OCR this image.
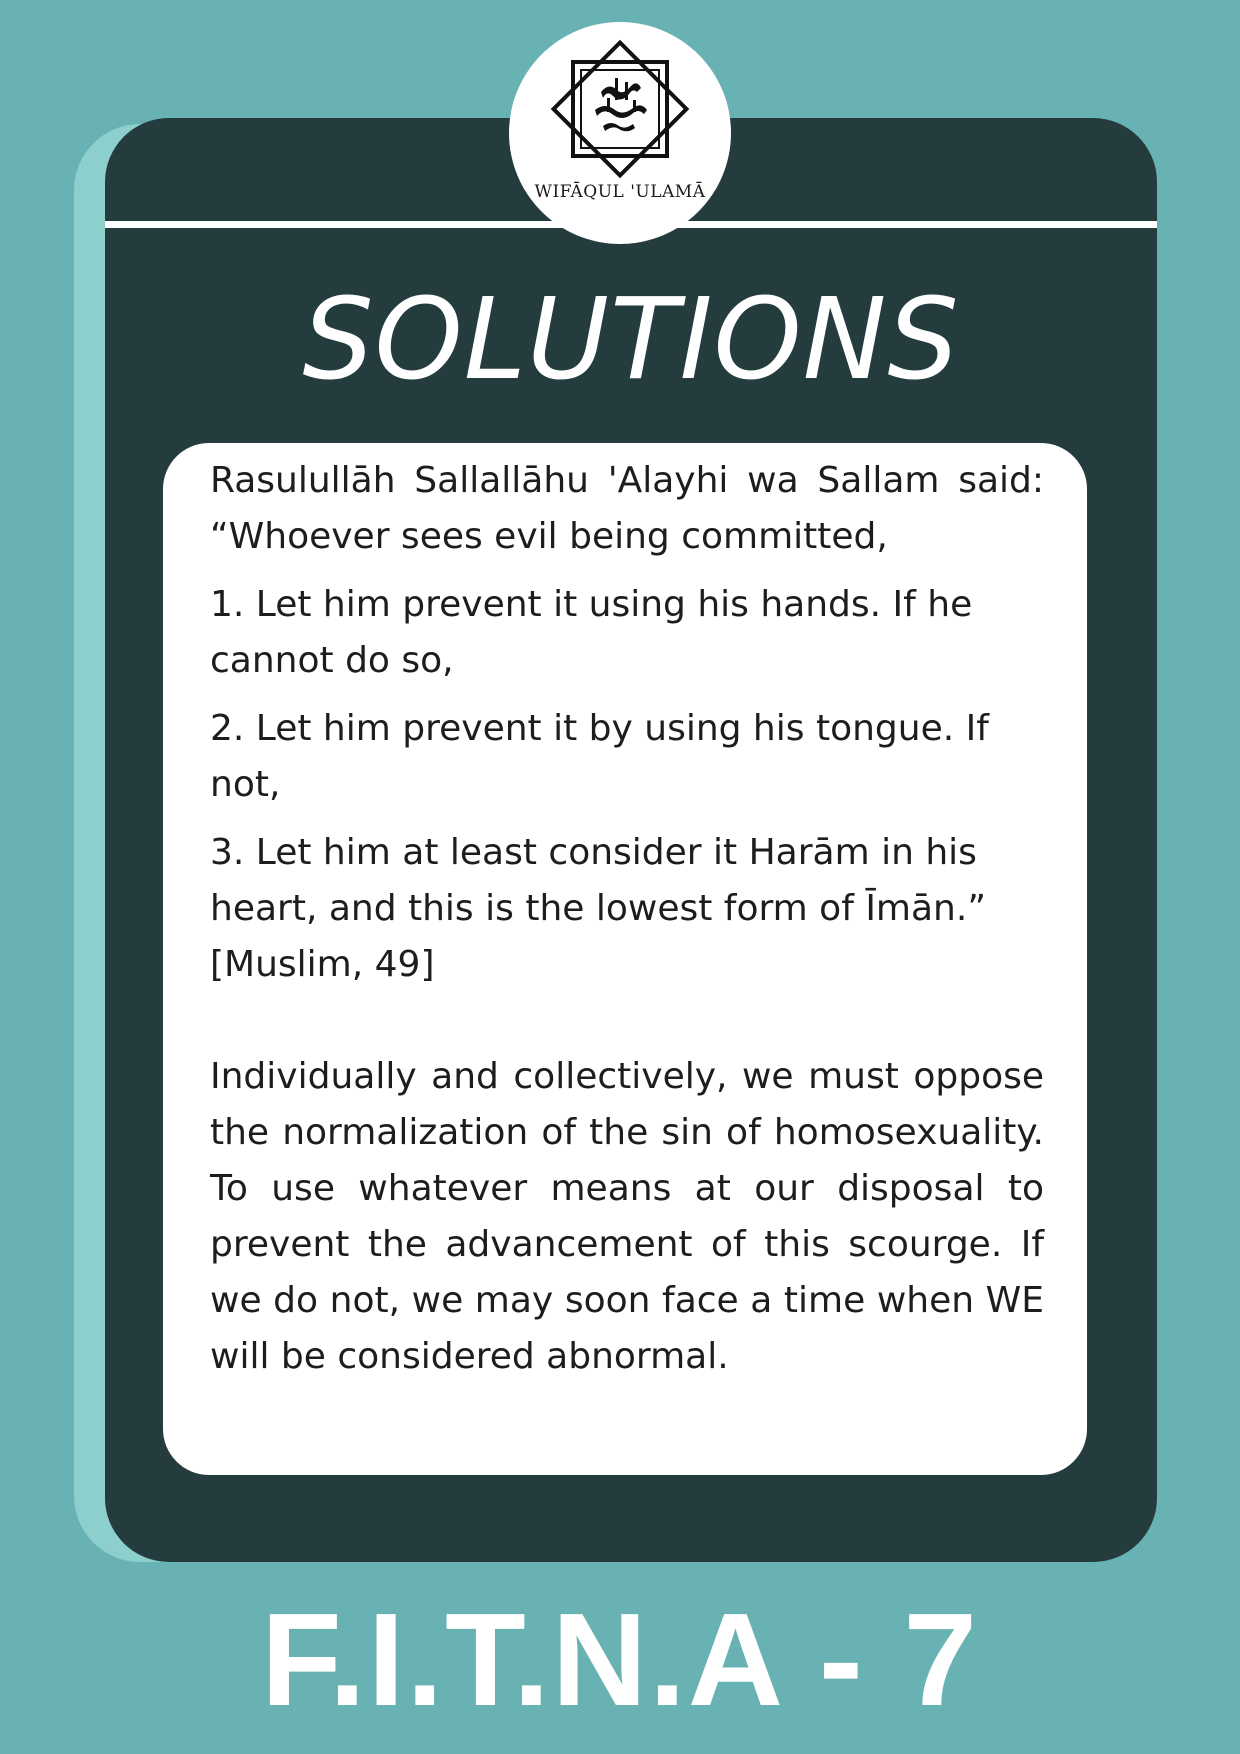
WIFĀQUL 'ULAMĀ
SOLUTIONS

Rasulullāh Sallallāhu 'Alayhi wa Sallam said: “Whoever sees evil being committed,

1. Let him prevent it using his hands. If he cannot do so,

2. Let him prevent it by using his tongue. If not,

3. Let him at least consider it Harām in his heart, and this is the lowest form of Īmān.”

[Muslim, 49]

Individually and collectively, we must oppose the normalization of the sin of homosexuality. To use whatever means at our disposal to prevent the advancement of this scourge. If we do not, we may soon face a time when WE will be considered abnormal.

F.I.T.N.A - 7
